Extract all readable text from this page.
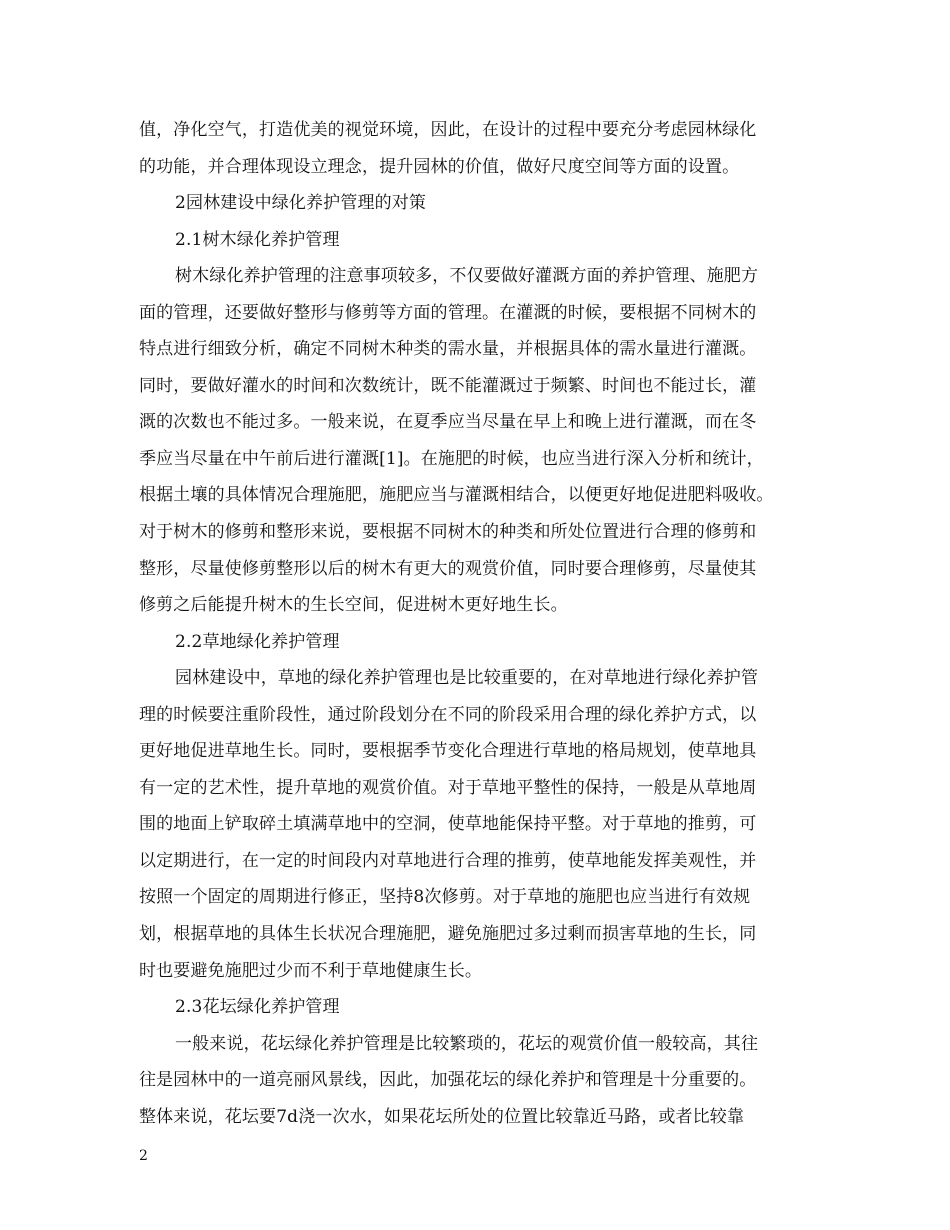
值，净化空气，打造优美的视觉环境，因此，在设计的过程中要充分考虑园林绿化
的功能，并合理体现设立理念，提升园林的价值，做好尺度空间等方面的设置。
2园林建设中绿化养护管理的对策
2.1树木绿化养护管理
树木绿化养护管理的注意事项较多，不仅要做好灌溉方面的养护管理、施肥方
面的管理，还要做好整形与修剪等方面的管理。在灌溉的时候，要根据不同树木的
特点进行细致分析，确定不同树木种类的需水量，并根据具体的需水量进行灌溉。
同时，要做好灌水的时间和次数统计，既不能灌溉过于频繁、时间也不能过长，灌
溉的次数也不能过多。一般来说，在夏季应当尽量在早上和晚上进行灌溉，而在冬
季应当尽量在中午前后进行灌溉[1]。在施肥的时候，也应当进行深入分析和统计，
根据土壤的具体情况合理施肥，施肥应当与灌溉相结合，以便更好地促进肥料吸收。
对于树木的修剪和整形来说，要根据不同树木的种类和所处位置进行合理的修剪和
整形，尽量使修剪整形以后的树木有更大的观赏价值，同时要合理修剪，尽量使其
修剪之后能提升树木的生长空间，促进树木更好地生长。
2.2草地绿化养护管理
园林建设中，草地的绿化养护管理也是比较重要的，在对草地进行绿化养护管
理的时候要注重阶段性，通过阶段划分在不同的阶段采用合理的绿化养护方式，以
更好地促进草地生长。同时，要根据季节变化合理进行草地的格局规划，使草地具
有一定的艺术性，提升草地的观赏价值。对于草地平整性的保持，一般是从草地周
围的地面上铲取碎土填满草地中的空洞，使草地能保持平整。对于草地的推剪，可
以定期进行，在一定的时间段内对草地进行合理的推剪，使草地能发挥美观性，并
按照一个固定的周期进行修正，坚持8次修剪。对于草地的施肥也应当进行有效规
划，根据草地的具体生长状况合理施肥，避免施肥过多过剩而损害草地的生长，同
时也要避免施肥过少而不利于草地健康生长。
2.3花坛绿化养护管理
一般来说，花坛绿化养护管理是比较繁琐的，花坛的观赏价值一般较高，其往
往是园林中的一道亮丽风景线，因此，加强花坛的绿化养护和管理是十分重要的。
整体来说，花坛要7d浇一次水，如果花坛所处的位置比较靠近马路，或者比较靠
2
